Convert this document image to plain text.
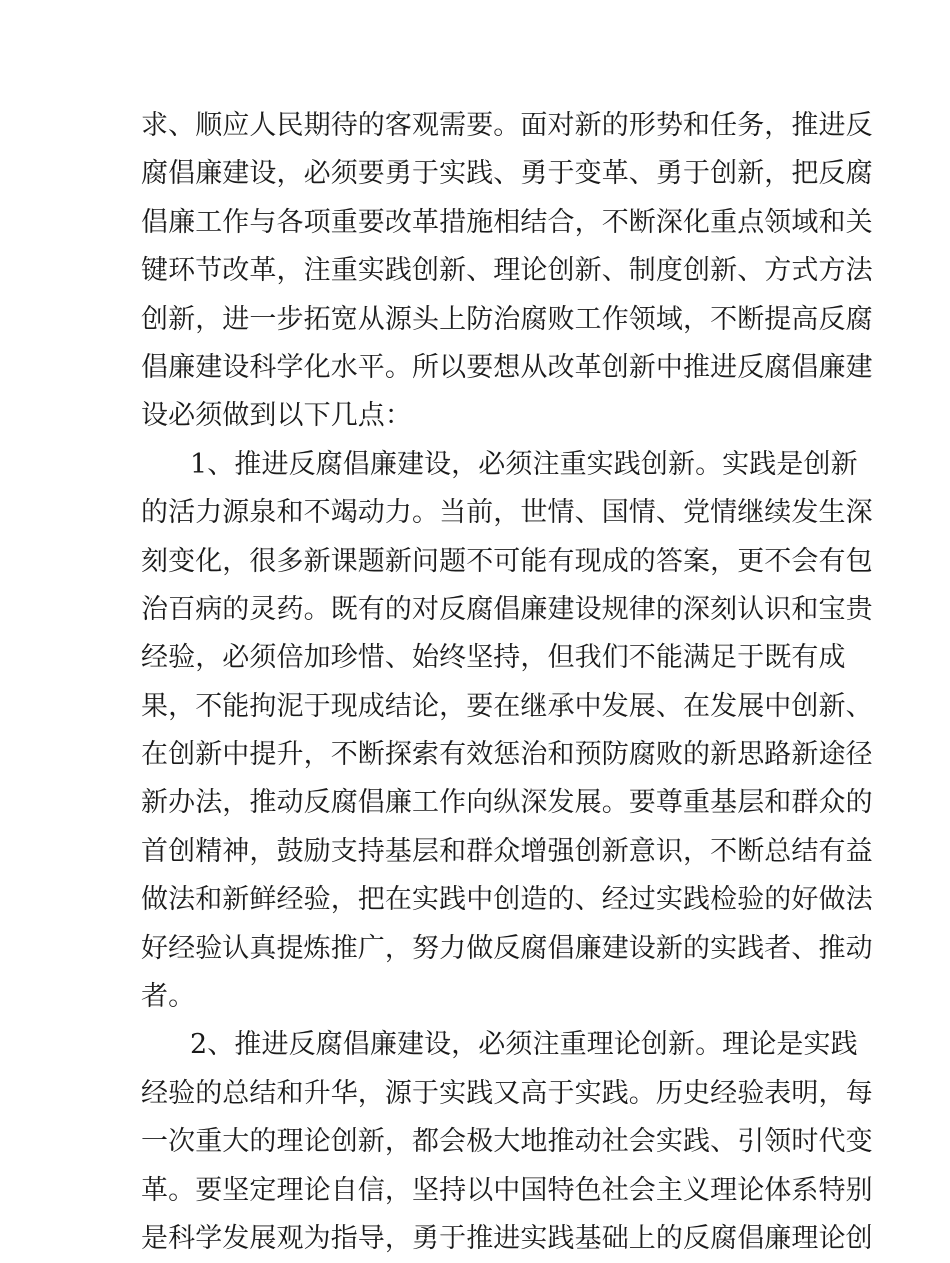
求、顺应人民期待的客观需要。面对新的形势和任务，推进反
腐倡廉建设，必须要勇于实践、勇于变革、勇于创新，把反腐
倡廉工作与各项重要改革措施相结合，不断深化重点领域和关
键环节改革，注重实践创新、理论创新、制度创新、方式方法
创新，进一步拓宽从源头上防治腐败工作领域，不断提高反腐
倡廉建设科学化水平。所以要想从改革创新中推进反腐倡廉建
设必须做到以下几点：
1、推进反腐倡廉建设，必须注重实践创新。实践是创新
的活力源泉和不竭动力。当前，世情、国情、党情继续发生深
刻变化，很多新课题新问题不可能有现成的答案，更不会有包
治百病的灵药。既有的对反腐倡廉建设规律的深刻认识和宝贵
经验，必须倍加珍惜、始终坚持，但我们不能满足于既有成
果，不能拘泥于现成结论，要在继承中发展、在发展中创新、
在创新中提升，不断探索有效惩治和预防腐败的新思路新途径
新办法，推动反腐倡廉工作向纵深发展。要尊重基层和群众的
首创精神，鼓励支持基层和群众增强创新意识，不断总结有益
做法和新鲜经验，把在实践中创造的、经过实践检验的好做法
好经验认真提炼推广，努力做反腐倡廉建设新的实践者、推动
者。
2、推进反腐倡廉建设，必须注重理论创新。理论是实践
经验的总结和升华，源于实践又高于实践。历史经验表明，每
一次重大的理论创新，都会极大地推动社会实践、引领时代变
革。要坚定理论自信，坚持以中国特色社会主义理论体系特别
是科学发展观为指导，勇于推进实践基础上的反腐倡廉理论创
